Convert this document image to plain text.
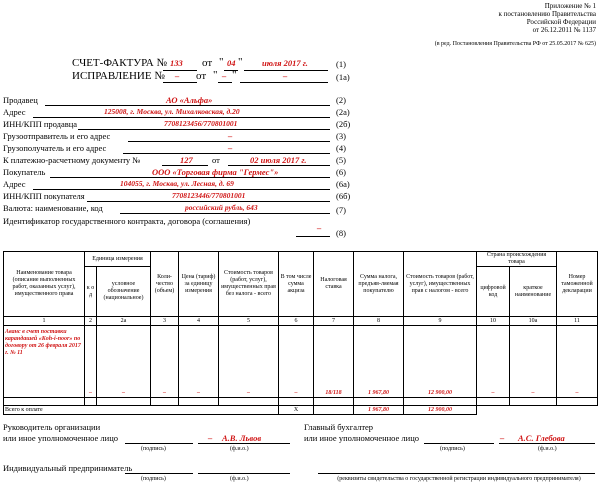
Приложение № 1
к постановлению Правительства
Российской Федерации
от 26.12.2011 № 1137
(в ред. Постановления Правительства РФ от 25.05.2017 № 625)
СЧЕТ-ФАКТУРА № 133 от " 04 " июля 2017 г.	(1)
ИСПРАВЛЕНИЕ № – от " – "	–	(1а)
Продавец	АО «Альфа»	(2)
Адрес	125008, г. Москва, ул. Михалковская, д.20	(2а)
ИНН/КПП продавца	7708123456/770801001	(2б)
Грузоотправитель и его адрес	–	(3)
Грузополучатель и его адрес	–	(4)
К платежно-расчетному документу №	127 от	02 июля 2017 г.	(5)
Покупатель	ООО «Торговая фирма "Гермес"»	(6)
Адрес	104055, г. Москва, ул. Лесная, д. 69	(6а)
ИНН/КПП покупателя	7708123446/770801001	(6б)
Валюта: наименование, код	российский рубль, 643	(7)
Идентификатор государственного контракта, договора (соглашения)
– (8)
Наименование товара (описание выполненных работ, оказанных услуг), имущественного права	Единица измерения		Коли-чество (объем)	Цена (тариф) за единицу измерения	Стоимость товаров (работ, услуг), имущественных прав без налога - всего	В том числе сумма акциза	Налоговая ставка	Сумма налога, предъяв-ляемая покупателю	Стоимость товаров (работ, услуг), имущественных прав с налогом - всего	Страна происхождения товара		Номер таможенной декларации
	к о д	условное обозначение (национальное)								цифровой код	краткое наименование	
1	2	2а	3	4	5	6	7	8	9	10	10а	11
Аванс в счет поставки карандашей «Koh-i-noor» по договору от 26 февраля 2017 г. № 11	–	–	–	–	–	–	18/118	1 967,80	12 900,00	–	–	–

Всего к оплате						Х		1 967,80	12 900,00			
Руководитель организации
или иное уполномоченное лицо	– А.В. Львов
(подпись)	(ф.и.о.)
Главный бухгалтер
или иное уполномоченное лицо	– А.С. Глебова
(подпись)	(ф.и.о.)
Индивидуальный предприниматель
(подпись)	(ф.и.о.)	(реквизиты свидетельства о государственной регистрации индивидуального предпринимателя)
